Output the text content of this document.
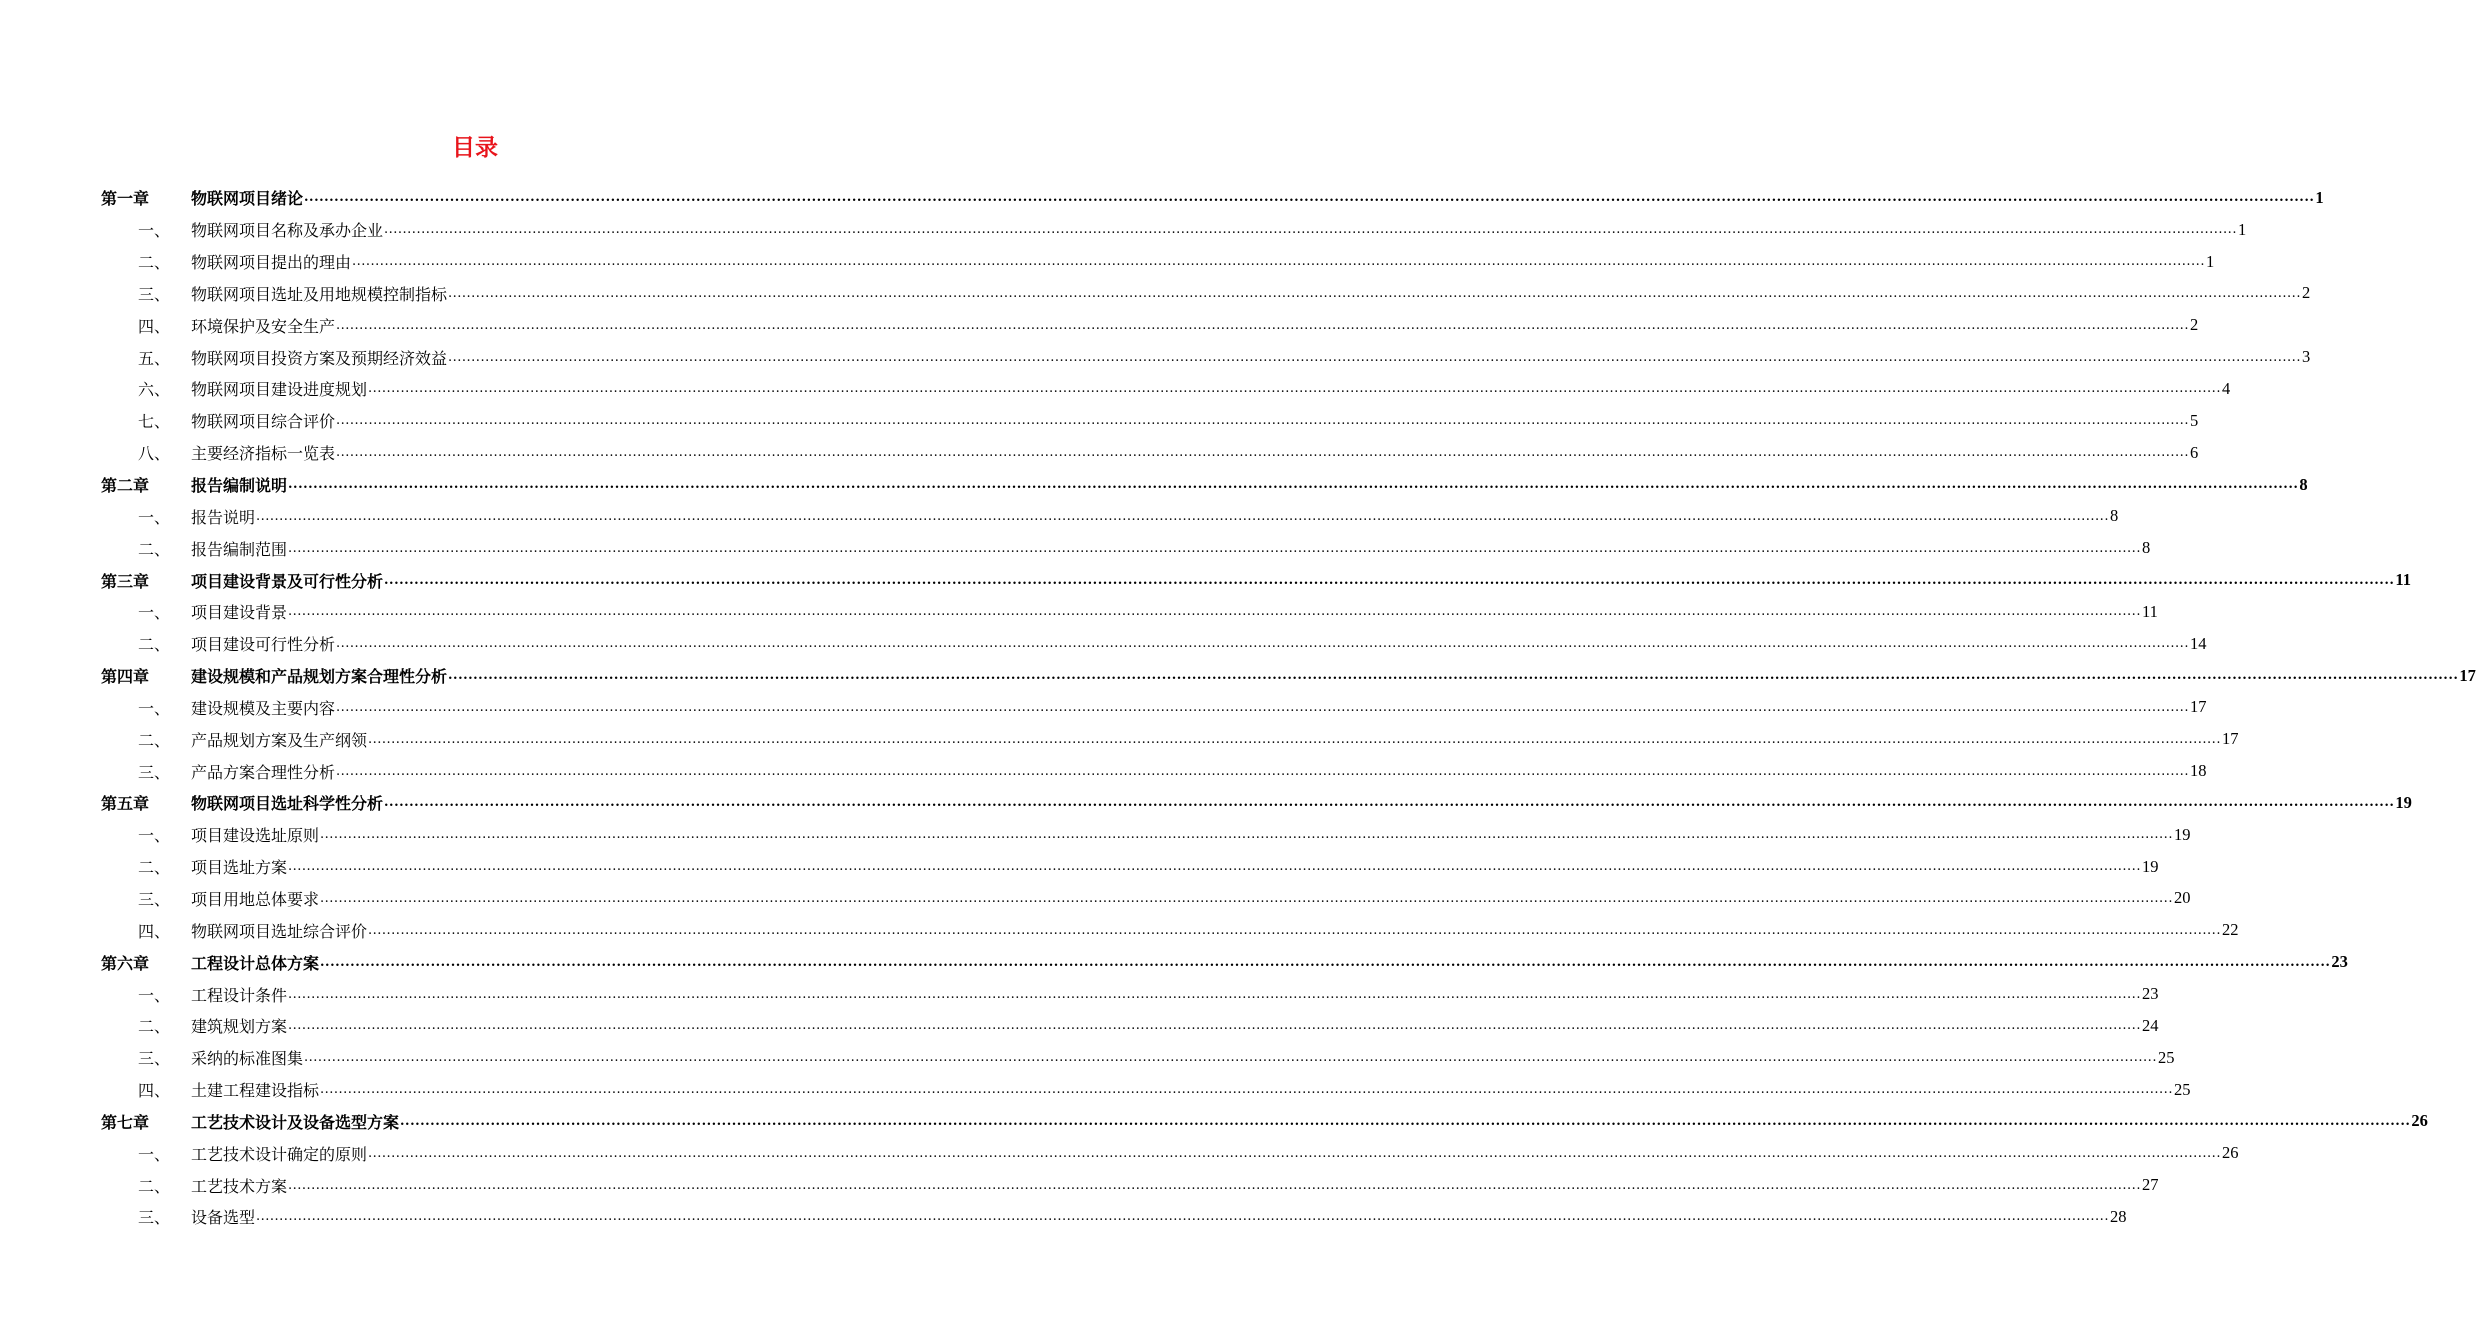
目录
第一章	物联网项目绪论 ................................................................................................................................................................................................................................................................................................................................................................................................................ 1
一、 物联网项目名称及承办企业 ................................................................................................................................................................................................................................................................................................................................................................................................................ 1
二、 物联网项目提出的理由 ................................................................................................................................................................................................................................................................................................................................................................................................................ 1
三、 物联网项目选址及用地规模控制指标 ................................................................................................................................................................................................................................................................................................................................................................................................................ 2
四、 环境保护及安全生产 ................................................................................................................................................................................................................................................................................................................................................................................................................ 2
五、 物联网项目投资方案及预期经济效益 ................................................................................................................................................................................................................................................................................................................................................................................................................ 3
六、 物联网项目建设进度规划 ................................................................................................................................................................................................................................................................................................................................................................................................................ 4
七、 物联网项目综合评价 ................................................................................................................................................................................................................................................................................................................................................................................................................ 5
八、 主要经济指标一览表 ................................................................................................................................................................................................................................................................................................................................................................................................................ 6
第二章	报告编制说明 ................................................................................................................................................................................................................................................................................................................................................................................................................ 8
一、 报告说明 ................................................................................................................................................................................................................................................................................................................................................................................................................ 8
二、 报告编制范围 ................................................................................................................................................................................................................................................................................................................................................................................................................ 8
第三章	项目建设背景及可行性分析 ................................................................................................................................................................................................................................................................................................................................................................................................................ 11
一、 项目建设背景 ................................................................................................................................................................................................................................................................................................................................................................................................................ 11
二、 项目建设可行性分析 ................................................................................................................................................................................................................................................................................................................................................................................................................ 14
第四章	建设规模和产品规划方案合理性分析 ................................................................................................................................................................................................................................................................................................................................................................................................................ 17
一、 建设规模及主要内容 ................................................................................................................................................................................................................................................................................................................................................................................................................ 17
二、 产品规划方案及生产纲领 ................................................................................................................................................................................................................................................................................................................................................................................................................ 17
三、 产品方案合理性分析 ................................................................................................................................................................................................................................................................................................................................................................................................................ 18
第五章	物联网项目选址科学性分析 ................................................................................................................................................................................................................................................................................................................................................................................................................ 19
一、 项目建设选址原则 ................................................................................................................................................................................................................................................................................................................................................................................................................ 19
二、 项目选址方案 ................................................................................................................................................................................................................................................................................................................................................................................................................ 19
三、 项目用地总体要求 ................................................................................................................................................................................................................................................................................................................................................................................................................ 20
四、 物联网项目选址综合评价 ................................................................................................................................................................................................................................................................................................................................................................................................................ 22
第六章	工程设计总体方案 ................................................................................................................................................................................................................................................................................................................................................................................................................ 23
一、 工程设计条件 ................................................................................................................................................................................................................................................................................................................................................................................................................ 23
二、 建筑规划方案 ................................................................................................................................................................................................................................................................................................................................................................................................................ 24
三、 采纳的标准图集 ................................................................................................................................................................................................................................................................................................................................................................................................................ 25
四、 土建工程建设指标 ................................................................................................................................................................................................................................................................................................................................................................................................................ 25
第七章	工艺技术设计及设备选型方案 ................................................................................................................................................................................................................................................................................................................................................................................................................ 26
一、 工艺技术设计确定的原则 ................................................................................................................................................................................................................................................................................................................................................................................................................ 26
二、 工艺技术方案 ................................................................................................................................................................................................................................................................................................................................................................................................................ 27
三、 设备选型 ................................................................................................................................................................................................................................................................................................................................................................................................................ 28
